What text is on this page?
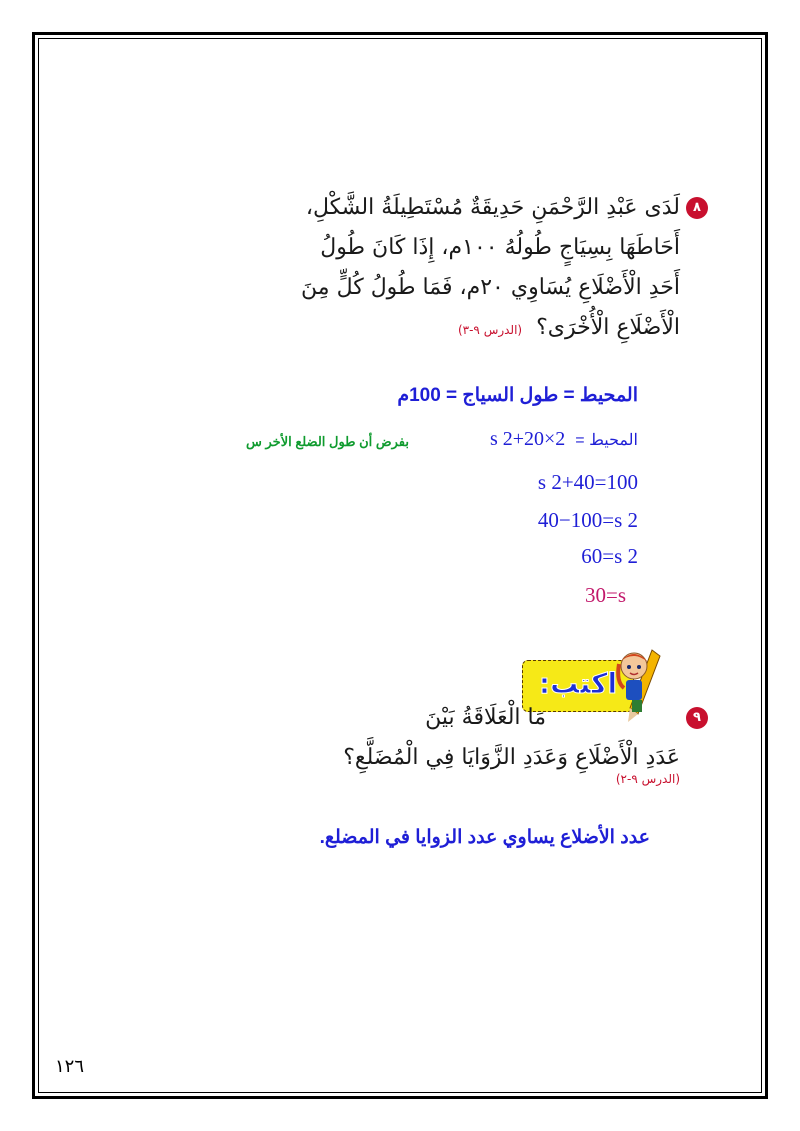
٨لَدَى عَبْدِ الرَّحْمَنِ حَدِيقَةٌ مُسْتَطِيلَةُ الشَّكْلِ،
أَحَاطَهَا بِسِيَاجٍ طُولُهُ ١٠٠م، إِذَا كَانَ طُولُ
أَحَدِ الْأَضْلَاعِ يُسَاوِي ٢٠م، فَمَا طُولُ كُلٍّ مِنَ
الْأَضْلَاعِ الْأُخْرَى؟(الدرس ٩-٣)
المحيط = طول السياج = 100م
المحيط = s 2+20×2
بفرض أن طول الضلع الأخر س
s 2+40=100
40−100=s 2
60=s 2
30=s
اكتب:
٩مَا الْعَلَاقَةُ بَيْنَ
عَدَدِ الْأَضْلَاعِ وَعَدَدِ الزَّوَايَا فِي الْمُضَلَّعِ؟
(الدرس ٩-٢)
عدد الأضلاع يساوي عدد الزوايا في المضلع.
١٢٦
